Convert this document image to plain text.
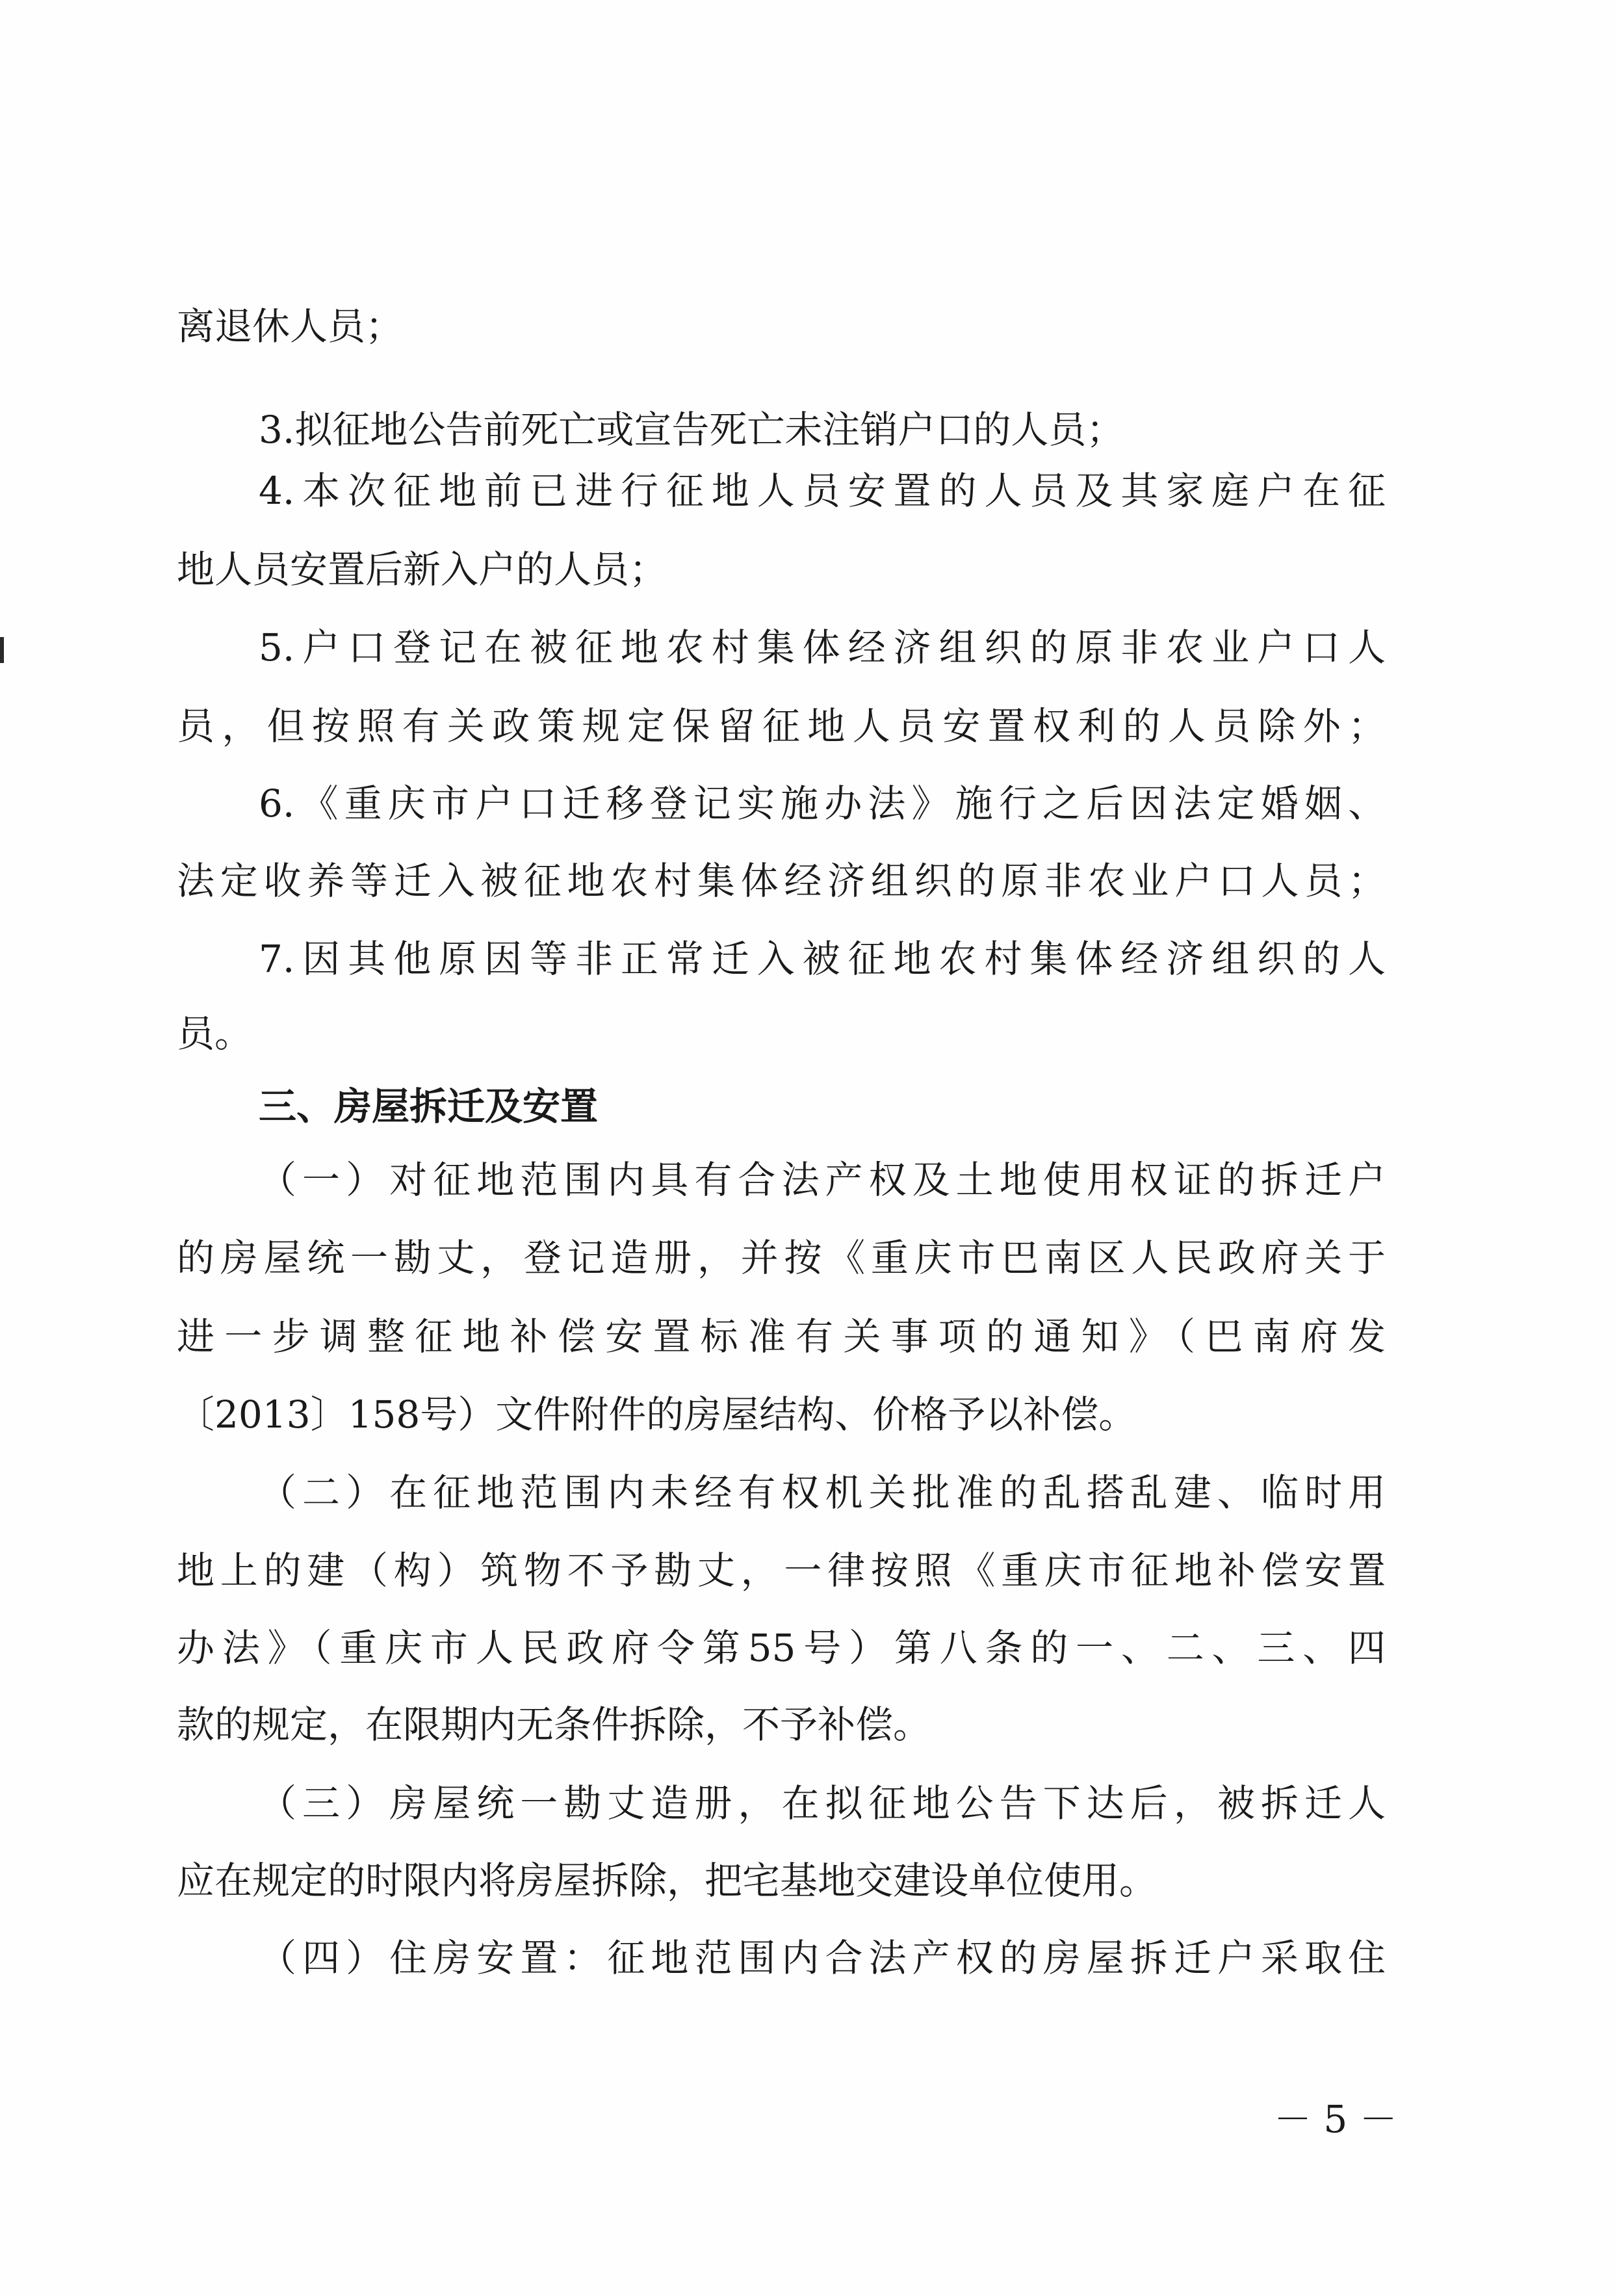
离退休人员；
3.拟征地公告前死亡或宣告死亡未注销户口的人员；
4.本次征地前已进行征地人员安置的人员及其家庭户在征
地人员安置后新入户的人员；
5.户口登记在被征地农村集体经济组织的原非农业户口人
员，但按照有关政策规定保留征地人员安置权利的人员除外；
6.《重庆市户口迁移登记实施办法》施行之后因法定婚姻、
法定收养等迁入被征地农村集体经济组织的原非农业户口人员；
7.因其他原因等非正常迁入被征地农村集体经济组织的人
员。
三、房屋拆迁及安置
（一）对征地范围内具有合法产权及土地使用权证的拆迁户
的房屋统一勘丈，登记造册，并按《重庆市巴南区人民政府关于
进一步调整征地补偿安置标准有关事项的通知》（巴南府发
〔2013〕158号）文件附件的房屋结构、价格予以补偿。
（二）在征地范围内未经有权机关批准的乱搭乱建、临时用
地上的建（构）筑物不予勘丈，一律按照《重庆市征地补偿安置
办法》（重庆市人民政府令第55号）第八条的一、二、三、四
款的规定，在限期内无条件拆除，不予补偿。
（三）房屋统一勘丈造册，在拟征地公告下达后，被拆迁人
应在规定的时限内将房屋拆除，把宅基地交建设单位使用。
（四）住房安置：征地范围内合法产权的房屋拆迁户采取住
－ 5 －
